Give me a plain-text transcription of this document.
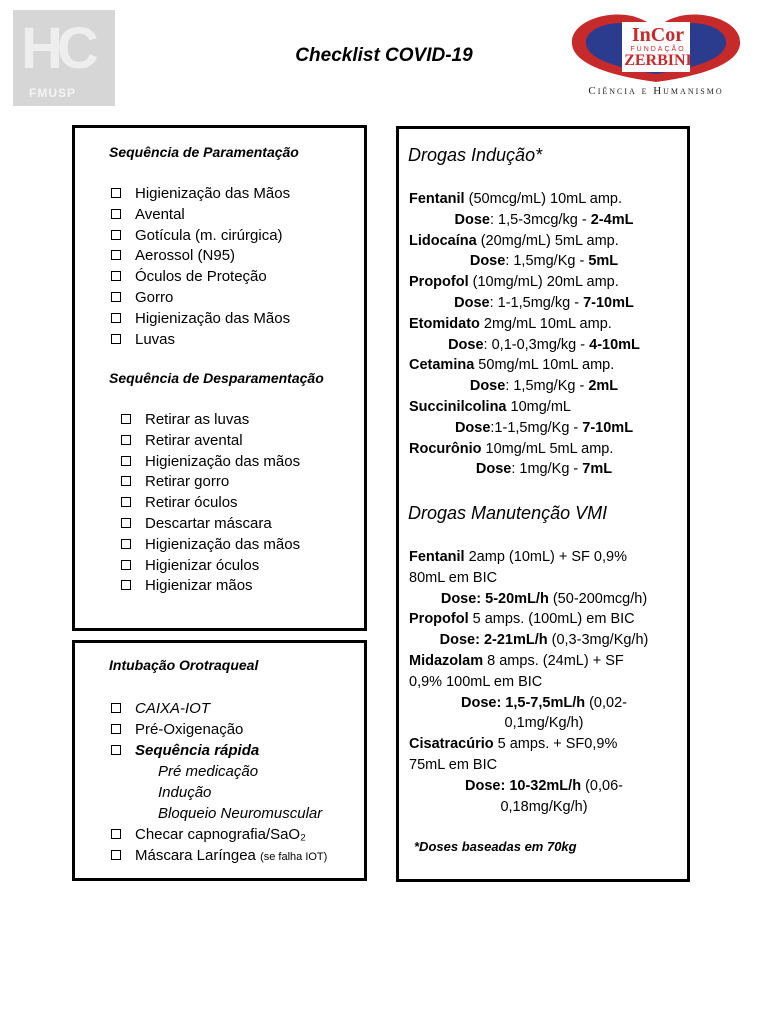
HC
FMUSP
Checklist COVID-19
InCor
FUNDAÇÃO
ZERBINI
Ciência e Humanismo
Sequência de Paramentação
Higienização das Mãos
Avental
Gotícula (m. cirúrgica)
Aerossol (N95)
Óculos de Proteção
Gorro
Higienização das Mãos
Luvas
Sequência de Desparamentação
Retirar as luvas
Retirar avental
Higienização das mãos
Retirar gorro
Retirar óculos
Descartar máscara
Higienização das mãos
Higienizar óculos
Higienizar mãos
Intubação Orotraqueal
CAIXA-IOT
Pré-Oxigenação
Sequência rápida
Pré medicação
Indução
Bloqueio Neuromuscular
Checar capnografia/SaO₂
Máscara Laríngea (se falha IOT)
Drogas Indução*
Fentanil (50mcg/mL) 10mL amp.
Dose: 1,5-3mcg/kg - 2-4mL
Lidocaína (20mg/mL) 5mL amp.
Dose: 1,5mg/Kg - 5mL
Propofol (10mg/mL) 20mL amp.
Dose: 1-1,5mg/kg - 7-10mL
Etomidato 2mg/mL 10mL amp.
Dose: 0,1-0,3mg/kg - 4-10mL
Cetamina 50mg/mL 10mL amp.
Dose: 1,5mg/Kg - 2mL
Succinilcolina 10mg/mL
Dose:1-1,5mg/Kg - 7-10mL
Rocurônio 10mg/mL 5mL amp.
Dose: 1mg/Kg - 7mL
Drogas Manutenção VMI
Fentanil 2amp (10mL) + SF 0,9%
80mL em BIC
Dose: 5-20mL/h (50-200mcg/h)
Propofol 5 amps. (100mL) em BIC
Dose: 2-21mL/h (0,3-3mg/Kg/h)
Midazolam 8 amps. (24mL) + SF
0,9% 100mL em BIC
Dose: 1,5-7,5mL/h (0,02-
0,1mg/Kg/h)
Cisatracúrio 5 amps. + SF0,9%
75mL em BIC
Dose: 10-32mL/h (0,06-
0,18mg/Kg/h)
*Doses baseadas em 70kg
